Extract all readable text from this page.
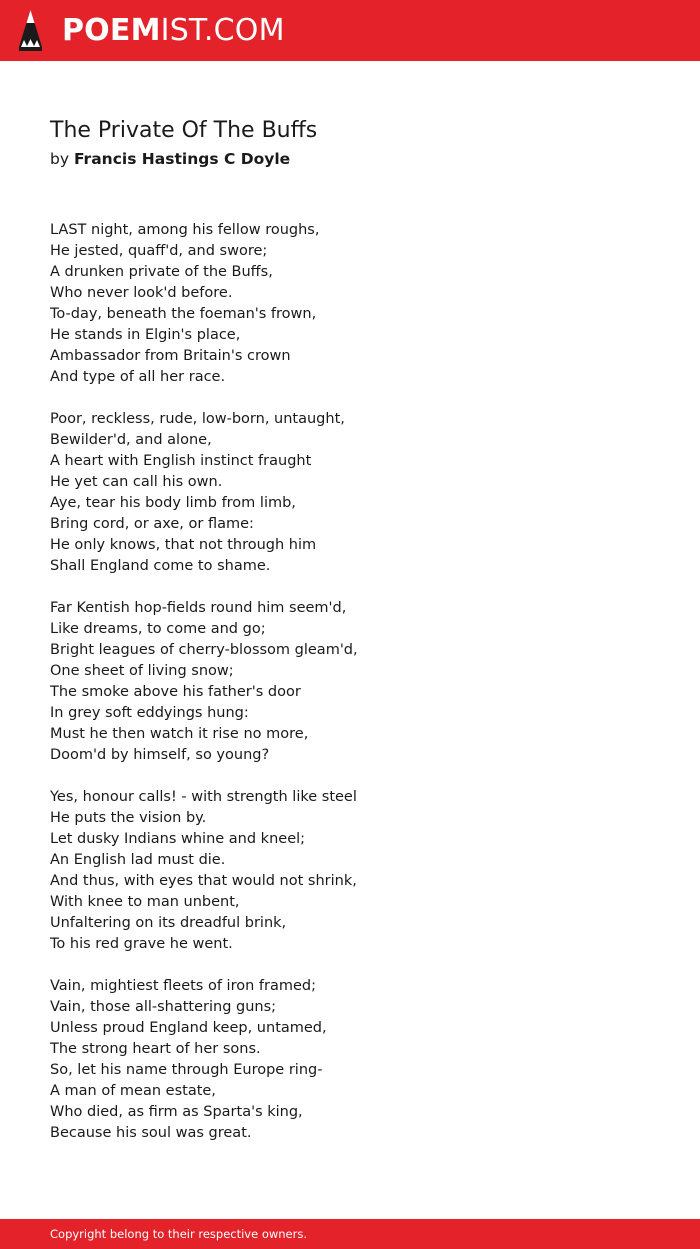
POEMIST.COM
The Private Of The Buffs

by Francis Hastings C Doyle

LAST night, among his fellow roughs,
He jested, quaff'd, and swore;
A drunken private of the Buffs,
Who never look'd before.
To-day, beneath the foeman's frown,
He stands in Elgin's place,
Ambassador from Britain's crown
And type of all her race.
Poor, reckless, rude, low-born, untaught,
Bewilder'd, and alone,
A heart with English instinct fraught
He yet can call his own.
Aye, tear his body limb from limb,
Bring cord, or axe, or flame:
He only knows, that not through him
Shall England come to shame.
Far Kentish hop-fields round him seem'd,
Like dreams, to come and go;
Bright leagues of cherry-blossom gleam'd,
One sheet of living snow;
The smoke above his father's door
In grey soft eddyings hung:
Must he then watch it rise no more,
Doom'd by himself, so young?
Yes, honour calls! - with strength like steel
He puts the vision by.
Let dusky Indians whine and kneel;
An English lad must die.
And thus, with eyes that would not shrink,
With knee to man unbent,
Unfaltering on its dreadful brink,
To his red grave he went.
Vain, mightiest fleets of iron framed;
Vain, those all-shattering guns;
Unless proud England keep, untamed,
The strong heart of her sons.
So, let his name through Europe ring-
A man of mean estate,
Who died, as firm as Sparta's king,
Because his soul was great.
Copyright belong to their respective owners.
